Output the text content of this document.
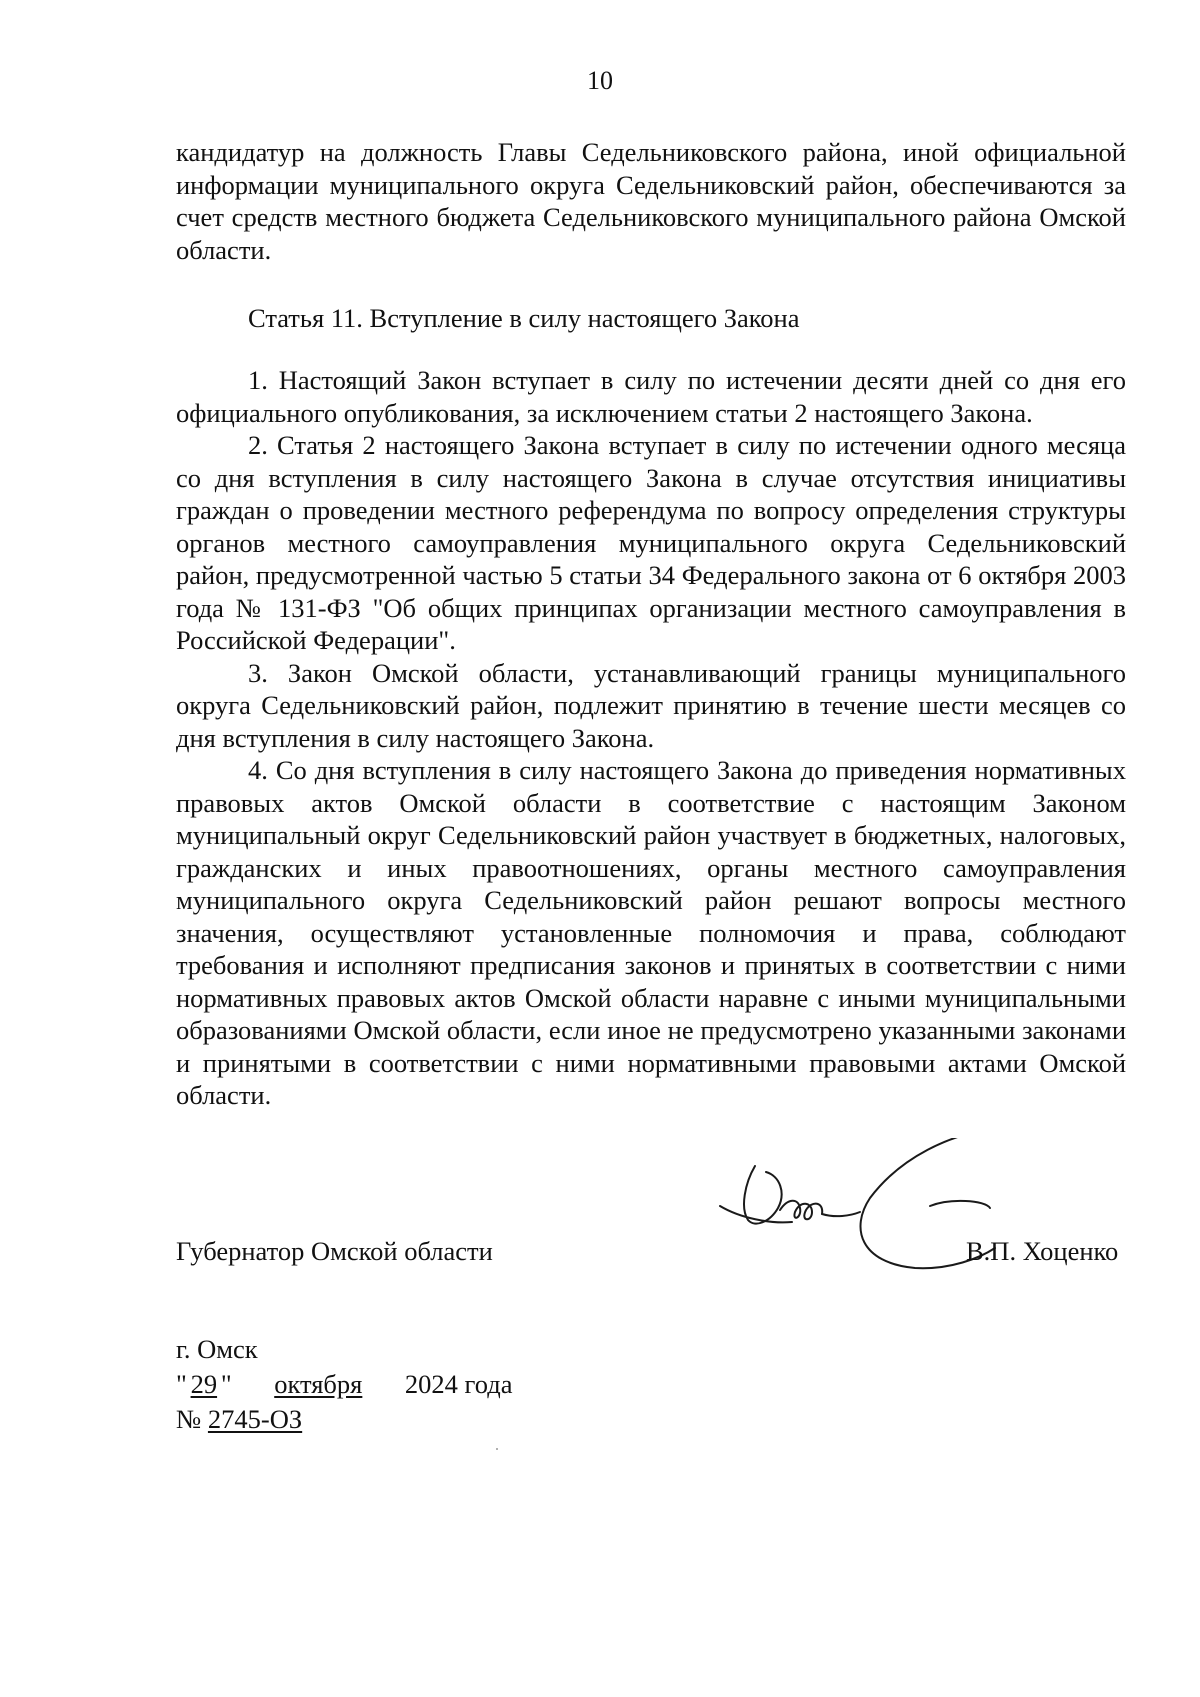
10

кандидатур на должность Главы Седельниковского района, иной официальной информации муниципального округа Седельниковский район, обеспечиваются за счет средств местного бюджета Седельниковского муниципального района Омской области.

Статья 11. Вступление в силу настоящего Закона

1. Настоящий Закон вступает в силу по истечении десяти дней со дня его официального опубликования, за исключением статьи 2 настоящего Закона.

2. Статья 2 настоящего Закона вступает в силу по истечении одного месяца со дня вступления в силу настоящего Закона в случае отсутствия инициативы граждан о проведении местного референдума по вопросу определения структуры органов местного самоуправления муниципального округа Седельниковский район, предусмотренной частью 5 статьи 34 Федерального закона от 6 октября 2003 года № 131-ФЗ "Об общих принципах организации местного самоуправления в Российской Федерации".

3. Закон Омской области, устанавливающий границы муниципального округа Седельниковский район, подлежит принятию в течение шести месяцев со дня вступления в силу настоящего Закона.

4. Со дня вступления в силу настоящего Закона до приведения нормативных правовых актов Омской области в соответствие с настоящим Законом муниципальный округ Седельниковский район участвует в бюджетных, налоговых, гражданских и иных правоотношениях, органы местного самоуправления муниципального округа Седельниковский район решают вопросы местного значения, осуществляют установленные полномочия и права, соблюдают требования и исполняют предписания законов и принятых в соответствии с ними нормативных правовых актов Омской области наравне с иными муниципальными образованиями Омской области, если иное не предусмотрено указанными законами и принятыми в соответствии с ними нормативными правовыми актами Омской области.

Губернатор Омской области	В.П. Хоценко
г. Омск
" 29 " октября 2024 года
№ 2745-ОЗ
